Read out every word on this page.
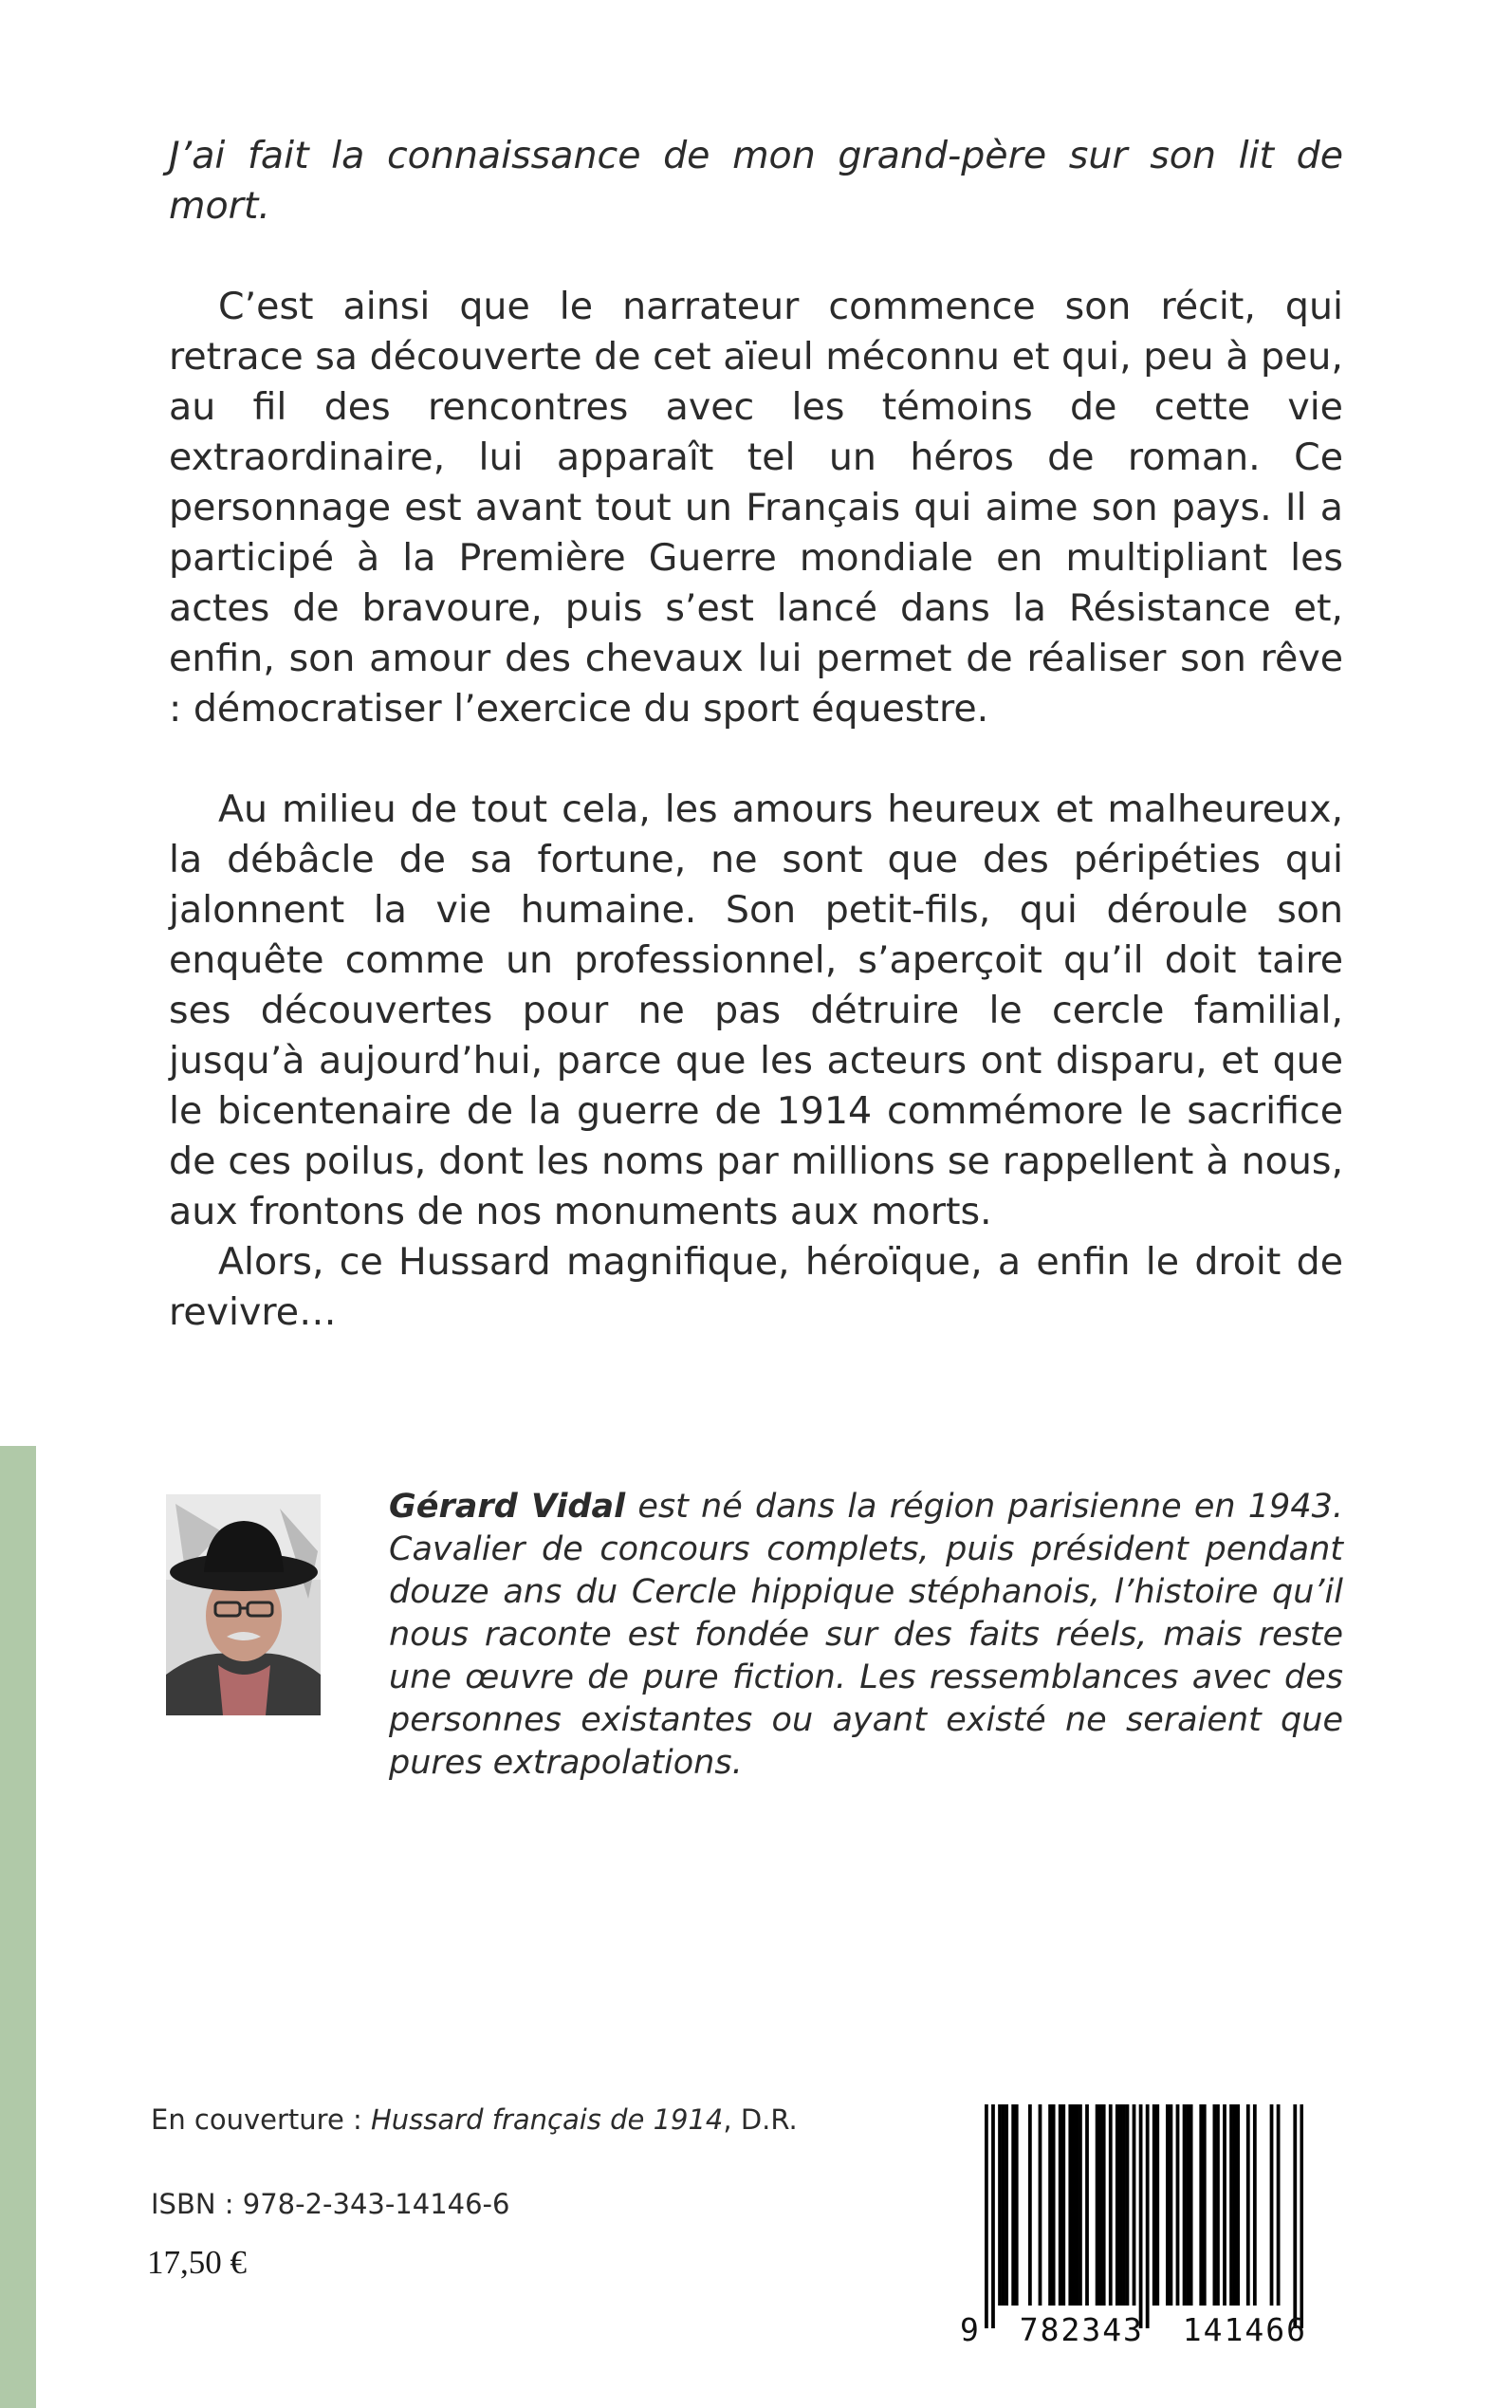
J’ai fait la connaissance de mon grand-père sur son lit de mort.

C’est ainsi que le narrateur commence son récit, qui retrace sa découverte de cet aïeul méconnu et qui, peu à peu, au fil des rencontres avec les témoins de cette vie extraordinaire, lui apparaît tel un héros de roman. Ce personnage est avant tout un Français qui aime son pays. Il a participé à la Première Guerre mondiale en multipliant les actes de bravoure, puis s’est lancé dans la Résistance et, enfin, son amour des chevaux lui permet de réaliser son rêve : démocratiser l’exercice du sport équestre.

Au milieu de tout cela, les amours heureux et malheureux, la débâcle de sa fortune, ne sont que des péripéties qui jalonnent la vie humaine. Son petit-fils, qui déroule son enquête comme un professionnel, s’aperçoit qu’il doit taire ses découvertes pour ne pas détruire le cercle familial, jusqu’à aujourd’hui, parce que les acteurs ont disparu, et que le bicentenaire de la guerre de 1914 commémore le sacrifice de ces poilus, dont les noms par millions se rappellent à nous, aux frontons de nos monuments aux morts.

Alors, ce Hussard magnifique, héroïque, a enfin le droit de revivre…

Gérard Vidal est né dans la région parisienne en 1943. Cavalier de concours complets, puis président pendant douze ans du Cercle hippique stéphanois, l’histoire qu’il nous raconte est fondée sur des faits réels, mais reste une œuvre de pure fiction. Les ressemblances avec des personnes existantes ou ayant existé ne seraient que pures extrapolations.
En couverture : Hussard français de 1914, D.R.
ISBN : 978-2-343-14146-6
17,50 €
9 782343 141466
